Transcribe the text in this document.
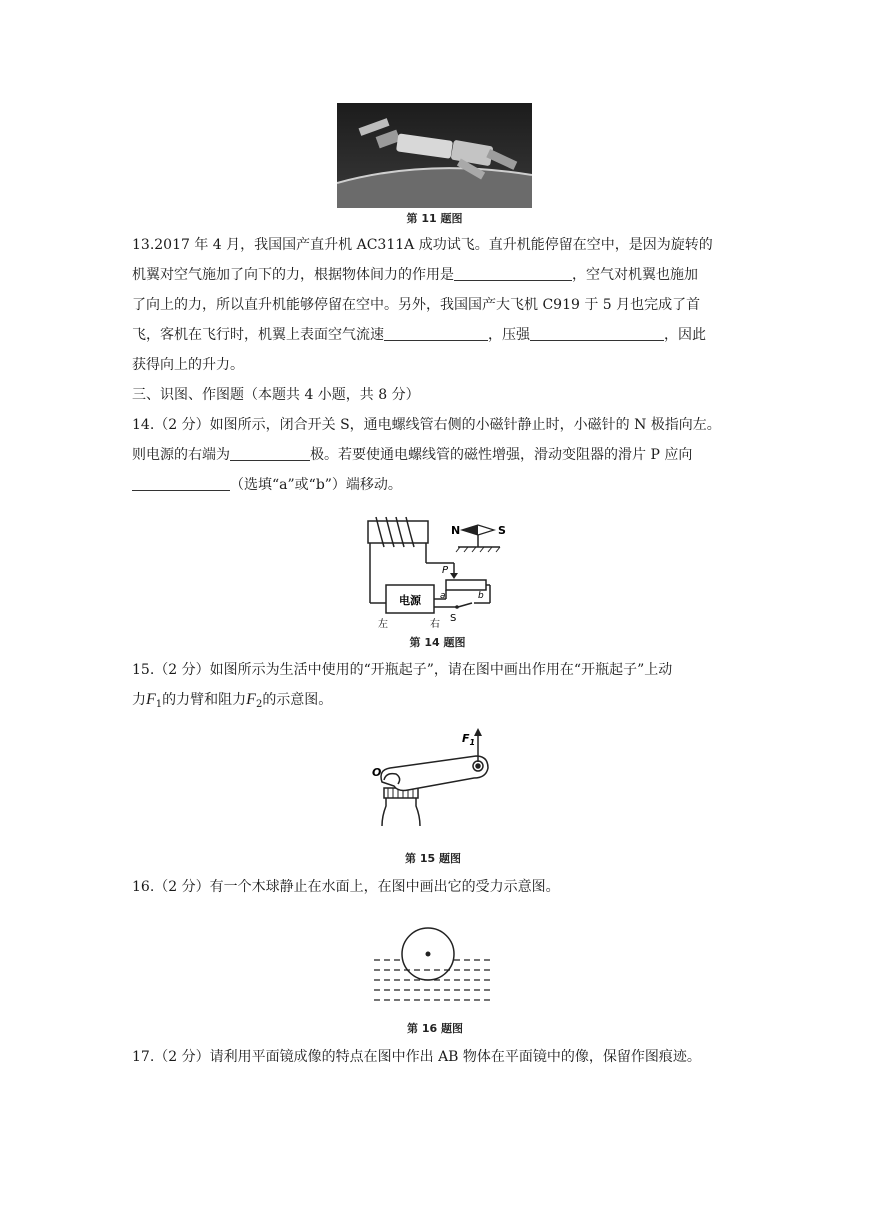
第 11 题图
13.2017 年 4 月，我国国产直升机 AC311A 成功试飞。直升机能停留在空中，是因为旋转的
机翼对空气施加了向下的力，根据物体间力的作用是	，空气对机翼也施加
了向上的力，所以直升机能够停留在空中。另外，我国国产大飞机 C919 于 5 月也完成了首
飞，客机在飞行时，机翼上表面空气流速	，压强	，因此
获得向上的升力。
三、识图、作图题（本题共 4 小题，共 8 分）
14.（2 分）如图所示，闭合开关 S，通电螺线管右侧的小磁针静止时，小磁针的 N 极指向左。
则电源的右端为	极。若要使通电螺线管的磁性增强，滑动变阻器的滑片 P 应向
（选填“a”或“b”）端移动。
电源
P
a	b
S
左	右
N	S
第 14 题图
15.（2 分）如图所示为生活中使用的“开瓶起子”，请在图中画出作用在“开瓶起子”上动
力$F_1$的力臂和阻力$F_2$的示意图。
$F_1$
O
第 15 题图
16.（2 分）有一个木球静止在水面上，在图中画出它的受力示意图。
第 16 题图
17.（2 分）请利用平面镜成像的特点在图中作出 AB 物体在平面镜中的像，保留作图痕迹。
